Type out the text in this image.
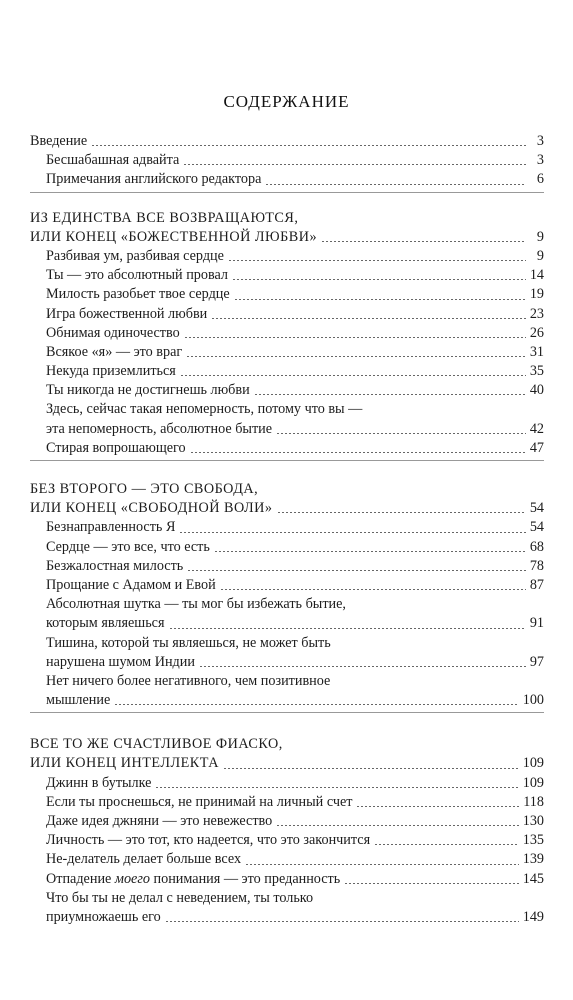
СОДЕРЖАНИЕ
Введение	3
Бесшабашная адвайта	3
Примечания английского редактора	6
ИЗ ЕДИНСТВА ВСЕ ВОЗВРАЩАЮТСЯ,
ИЛИ КОНЕЦ «БОЖЕСТВЕННОЙ ЛЮБВИ»	9
Разбивая ум, разбивая сердце	9
Ты — это абсолютный провал	14
Милость разобьет твое сердце	19
Игра божественной любви	23
Обнимая одиночество	26
Всякое «я» — это враг	31
Некуда приземлиться	35
Ты никогда не достигнешь любви	40
Здесь, сейчас такая непомерность, потому что вы —
эта непомерность, абсолютное бытие	42
Стирая вопрошающего	47
БЕЗ ВТОРОГО — ЭТО СВОБОДА,
ИЛИ КОНЕЦ «СВОБОДНОЙ ВОЛИ»	54
Безнаправленность Я	54
Сердце — это все, что есть	68
Безжалостная милость	78
Прощание с Адамом и Евой	87
Абсолютная шутка — ты мог бы избежать бытие,
которым являешься	91
Тишина, которой ты являешься, не может быть
нарушена шумом Индии	97
Нет ничего более негативного, чем позитивное
мышление	100
ВСЕ ТО ЖЕ СЧАСТЛИВОЕ ФИАСКО,
ИЛИ КОНЕЦ ИНТЕЛЛЕКТА	109
Джинн в бутылке	109
Если ты проснешься, не принимай на личный счет	118
Даже идея джняни — это невежество	130
Личность — это тот, кто надеется, что это закончится	135
Не-делатель делает больше всех	139
Отпадение моего понимания — это преданность	145
Что бы ты не делал с неведением, ты только
приумножаешь его	149
